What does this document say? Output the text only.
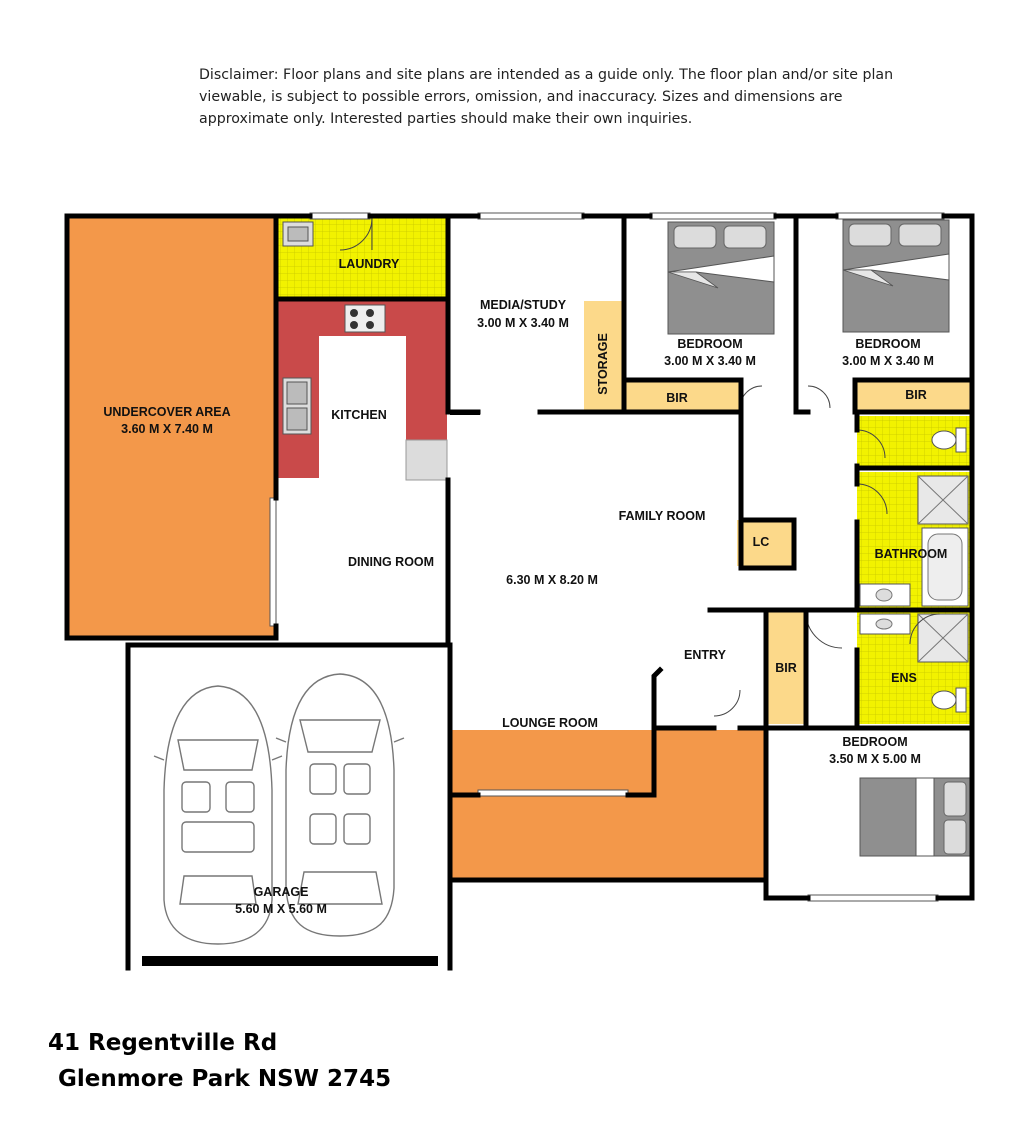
Disclaimer: Floor plans and site plans are intended as a guide only. The floor plan and/or site plan
viewable, is subject to possible errors, omission, and inaccuracy. Sizes and dimensions are
approximate only. Interested parties should make their own inquiries.
UNDERCOVER AREA
3.60 M X 7.40 M
LAUNDRY
KITCHEN
MEDIA/STUDY
3.00 M X 3.40 M
STORAGE	BEDROOM
3.00 M X 3.40 M
BEDROOM
3.00 M X 3.40 M
BIR	BIR
FAMILY ROOM
LC
BATHROOM
DINING ROOM
6.30 M X 8.20 M
ENTRY
BIR
ENS
LOUNGE ROOM
BEDROOM
3.50 M X 5.00 M
GARAGE
5.60 M X 5.60 M
41 Regentville Rd
Glenmore Park NSW 2745
